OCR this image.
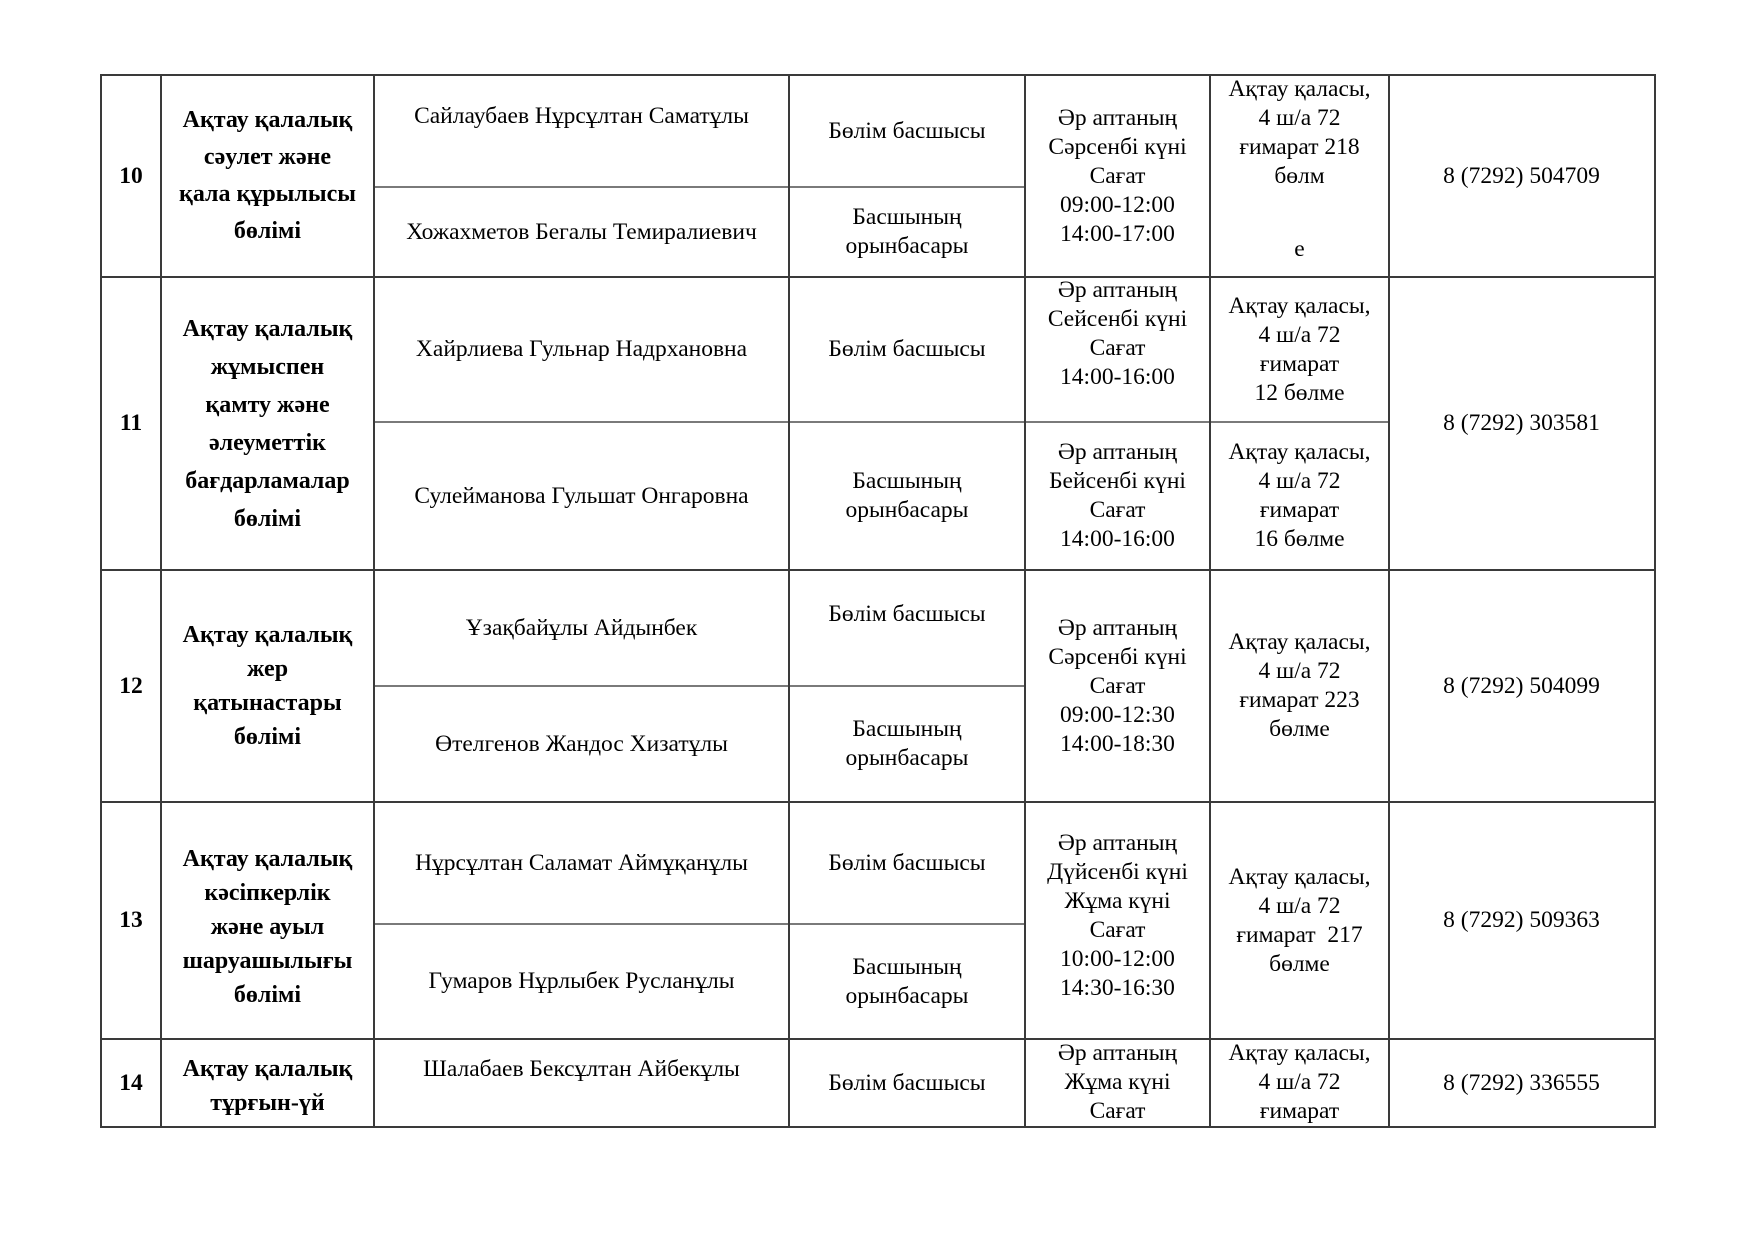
10
Ақтау қалалық
сәулет және
қала құрылысы
бөлімі
Сайлаубаев Нұрсұлтан Саматұлы
Хожахметов Бегалы Темиралиевич
Бөлім басшысы
Басшының
орынбасары
Әр аптаның
Сәрсенбі күні
Сағат
09:00-12:00
14:00-17:00
Ақтау қаласы,
4 ш/а 72
ғимарат 218
бөлм
е
8 (7292) 504709
11
Ақтау қалалық
жұмыспен
қамту және
әлеуметтік
бағдарламалар
бөлімі
Хайрлиева Гульнар Надрхановна
Сулейманова Гульшат Онгаровна
Бөлім басшысы
Басшының
орынбасары
Әр аптаның
Сейсенбі күні
Сағат
14:00-16:00
Әр аптаның
Бейсенбі күні
Сағат
14:00-16:00
Ақтау қаласы,
4 ш/а 72
ғимарат
12 бөлме
Ақтау қаласы,
4 ш/а 72
ғимарат
16 бөлме
8 (7292) 303581
12
Ақтау қалалық
жер
қатынастары
бөлімі
Ұзақбайұлы Айдынбек
Өтелгенов Жандос Хизатұлы
Бөлім басшысы
Басшының
орынбасары
Әр аптаның
Сәрсенбі күні
Сағат
09:00-12:30
14:00-18:30
Ақтау қаласы,
4 ш/а 72
ғимарат 223
бөлме
8 (7292) 504099
13
Ақтау қалалық
кәсіпкерлік
және ауыл
шаруашылығы
бөлімі
Нұрсұлтан Саламат Аймұқанұлы
Гумаров Нұрлыбек Русланұлы
Бөлім басшысы
Басшының
орынбасары
Әр аптаның
Дүйсенбі күні
Жұма күні
Сағат
10:00-12:00
14:30-16:30
Ақтау қаласы,
4 ш/а 72
ғимарат  217
бөлме
8 (7292) 509363
14
Ақтау қалалық
тұрғын-үй
Шалабаев Бексұлтан Айбекұлы
Бөлім басшысы
Әр аптаның
Жұма күні
Сағат
Ақтау қаласы,
4 ш/а 72
ғимарат
8 (7292) 336555
